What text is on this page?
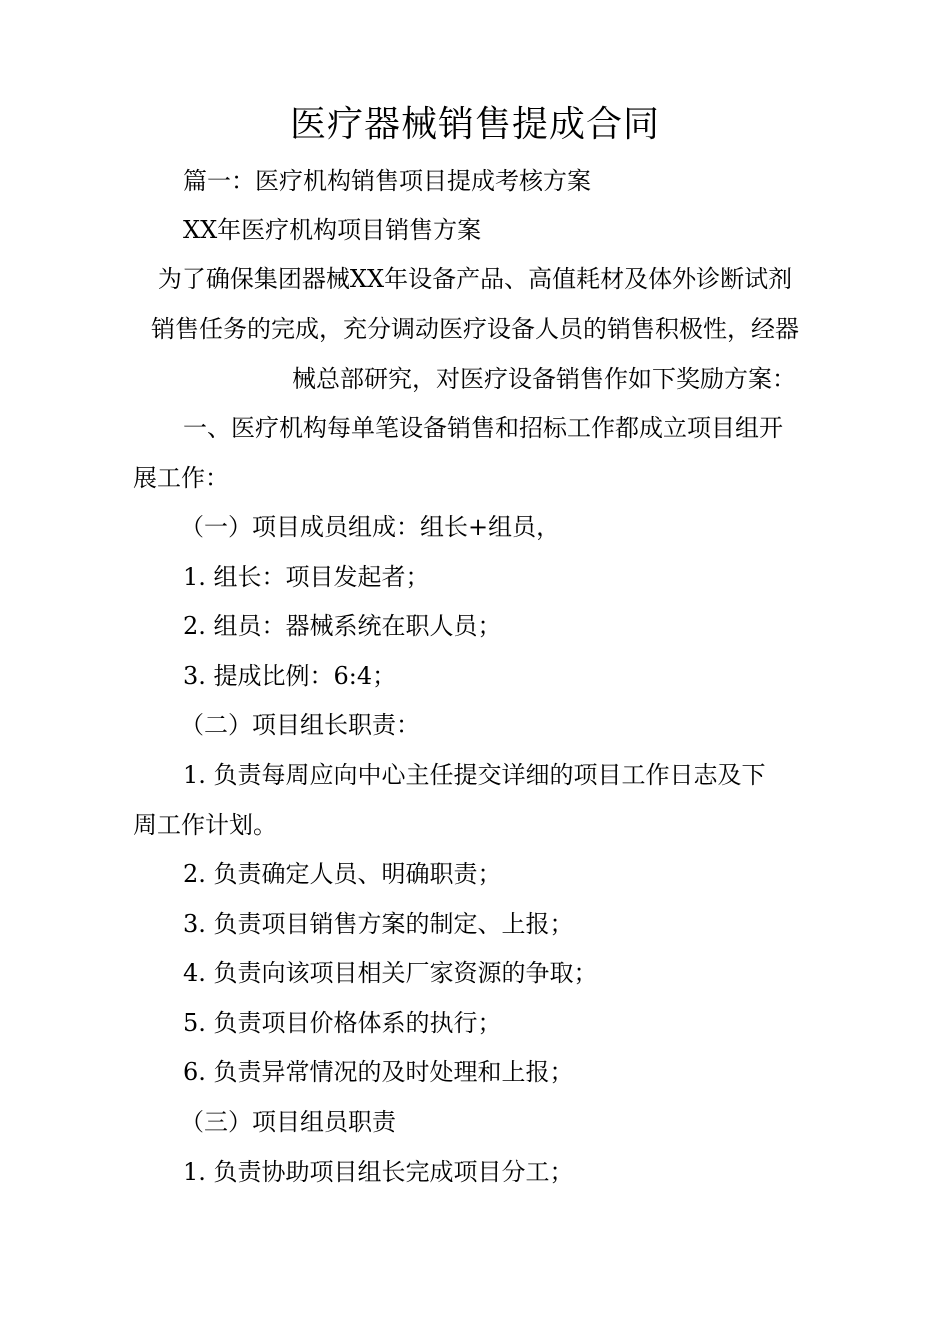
医疗器械销售提成合同

篇一：医疗机构销售项目提成考核方案

XX年医疗机构项目销售方案

为了确保集团器械XX年设备产品、高值耗材及体外诊断试剂

销售任务的完成，充分调动医疗设备人员的销售积极性，经器

械总部研究，对医疗设备销售作如下奖励方案：

一、医疗机构每单笔设备销售和招标工作都成立项目组开

展工作：

（一）项目成员组成：组长+组员，

1. 组长：项目发起者；

2. 组员：器械系统在职人员；

3. 提成比例：6:4；

（二）项目组长职责：

1. 负责每周应向中心主任提交详细的项目工作日志及下

周工作计划。

2. 负责确定人员、明确职责；

3. 负责项目销售方案的制定、上报；

4. 负责向该项目相关厂家资源的争取；

5. 负责项目价格体系的执行；

6. 负责异常情况的及时处理和上报；

（三）项目组员职责

1. 负责协助项目组长完成项目分工；
